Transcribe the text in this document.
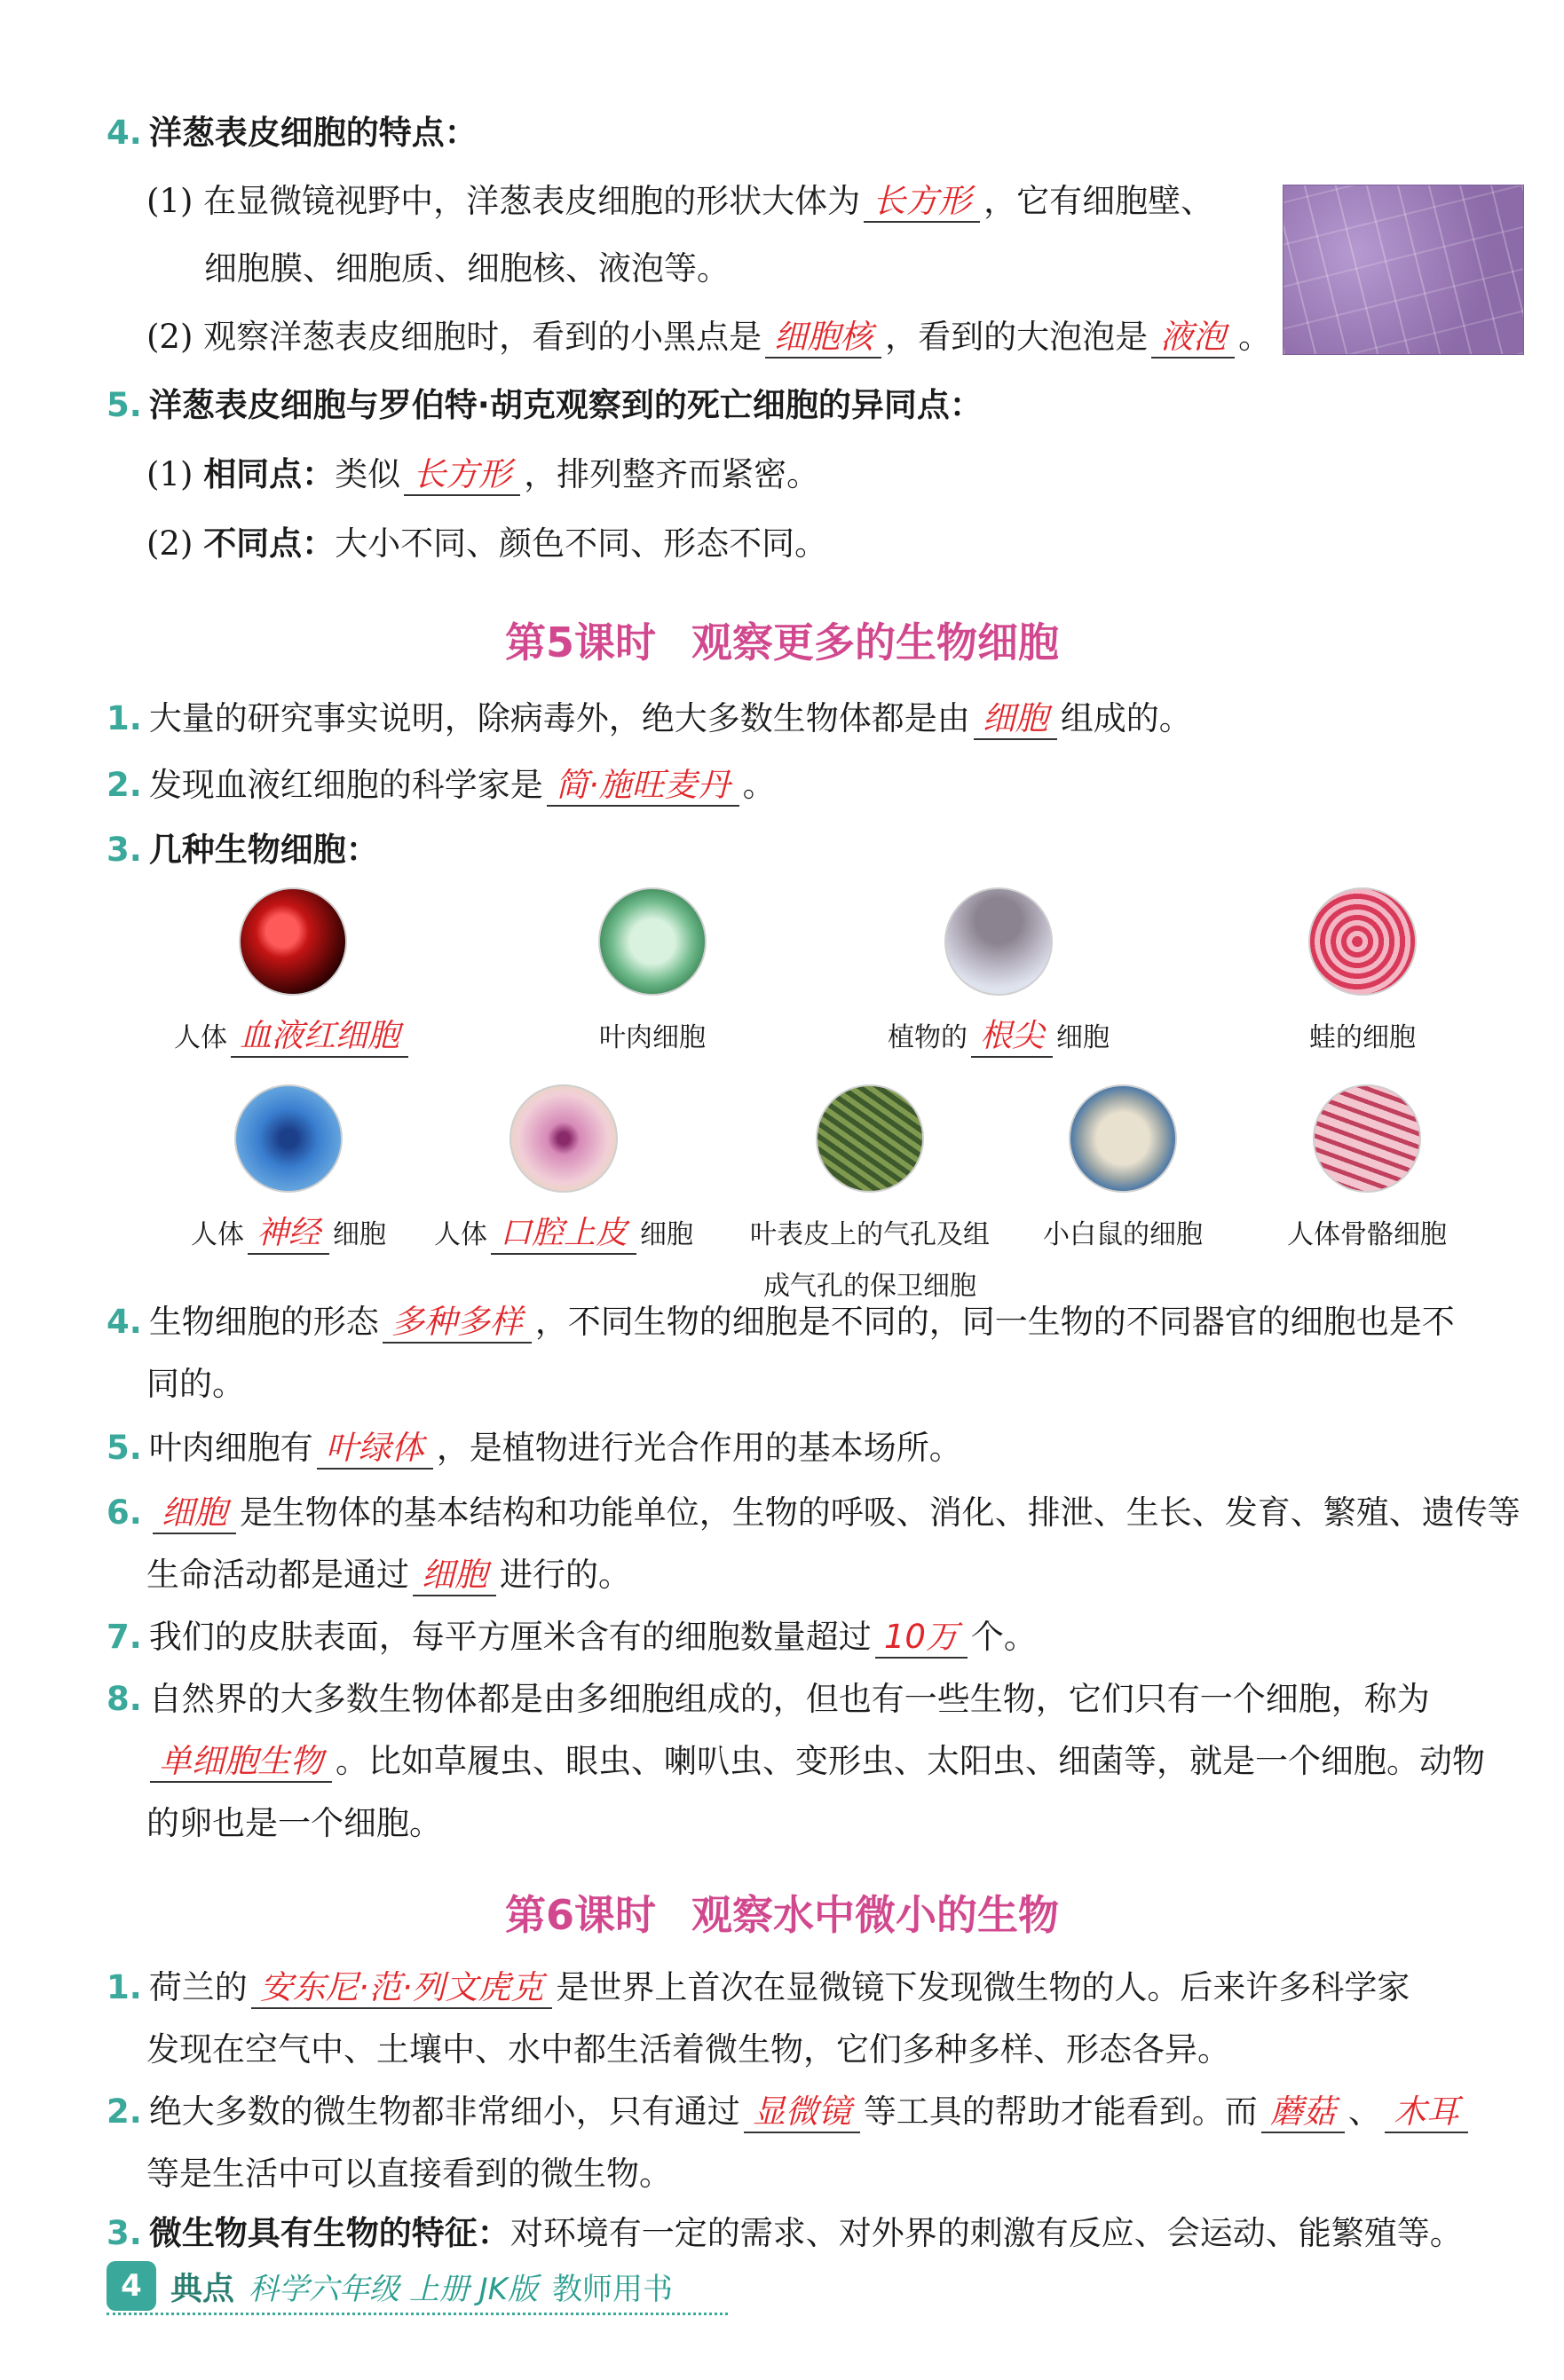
4. 洋葱表皮细胞的特点：
(1) 在显微镜视野中，洋葱表皮细胞的形状大体为 长方形 ，它有细胞壁、
细胞膜、细胞质、细胞核、液泡等。
(2) 观察洋葱表皮细胞时，看到的小黑点是 细胞核 ，看到的大泡泡是 液泡 。
5. 洋葱表皮细胞与罗伯特·胡克观察到的死亡细胞的异同点：
(1) 相同点：类似 长方形 ，排列整齐而紧密。
(2) 不同点：大小不同、颜色不同、形态不同。
第5课时 观察更多的生物细胞
1. 大量的研究事实说明，除病毒外，绝大多数生物体都是由 细胞 组成的。
2. 发现血液红细胞的科学家是 简·施旺麦丹 。
3. 几种生物细胞：
人体 血液红细胞	叶肉细胞	植物的 根尖 细胞	蛙的细胞
人体 神经 细胞	人体 口腔上皮 细胞	叶表皮上的气孔及组
成气孔的保卫细胞
小白鼠的细胞	人体骨骼细胞
4. 生物细胞的形态 多种多样 ，不同生物的细胞是不同的，同一生物的不同器官的细胞也是不
同的。
5. 叶肉细胞有 叶绿体 ，是植物进行光合作用的基本场所。
6. 细胞 是生物体的基本结构和功能单位，生物的呼吸、消化、排泄、生长、发育、繁殖、遗传等
生命活动都是通过 细胞 进行的。
7. 我们的皮肤表面，每平方厘米含有的细胞数量超过 10万 个。
8. 自然界的大多数生物体都是由多细胞组成的，但也有一些生物，它们只有一个细胞，称为
单细胞生物 。比如草履虫、眼虫、喇叭虫、变形虫、太阳虫、细菌等，就是一个细胞。动物
的卵也是一个细胞。
第6课时 观察水中微小的生物
1. 荷兰的 安东尼·范·列文虎克 是世界上首次在显微镜下发现微生物的人。后来许多科学家
发现在空气中、土壤中、水中都生活着微生物，它们多种多样、形态各异。
2. 绝大多数的微生物都非常细小，只有通过 显微镜 等工具的帮助才能看到。而 蘑菇 、 木耳
等是生活中可以直接看到的微生物。
3. 微生物具有生物的特征：对环境有一定的需求、对外界的刺激有反应、会运动、能繁殖等。
4 典点 科学六年级 上册 JK版 教师用书
